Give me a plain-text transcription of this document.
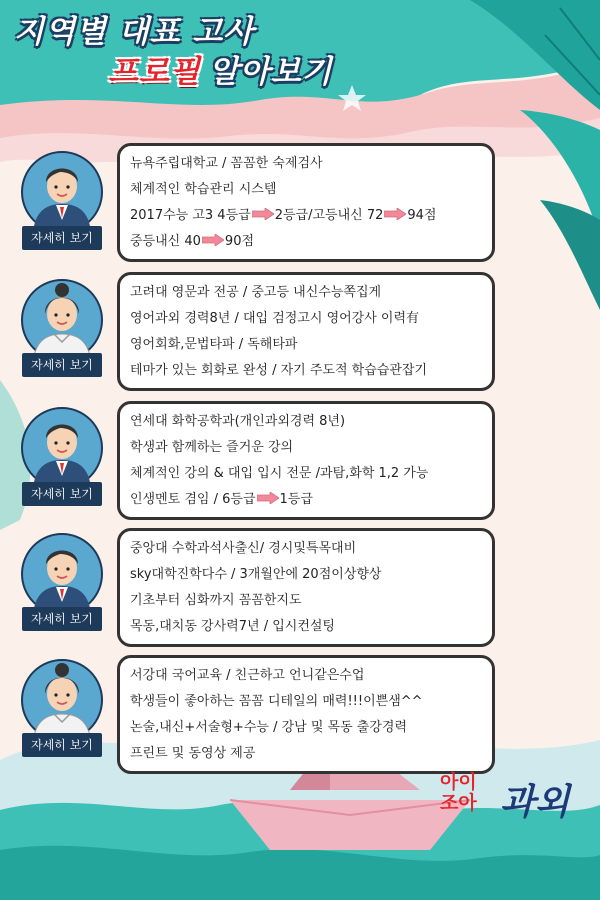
지역별 대표 고사
프로필 알아보기
자세히 보기
뉴욕주립대학교 / 꼼꼼한 숙제검사
체계적인 학습관리 시스템
2017수능 고3 4등급 2등급/고등내신 72 94점
중등내신 40 90점
자세히 보기
고려대 영문과 전공 / 중고등 내신수능쪽집게
영어과외 경력8년 / 대입 검정고시 영어강사 이력有
영어회화,문법타파 / 독해타파
테마가 있는 회화로 완성 / 자기 주도적 학습습관잡기
자세히 보기
연세대 화학공학과(개인과외경력 8년)
학생과 함께하는 즐거운 강의
체계적인 강의 & 대입 입시 전문 /과탐,화학 1,2 가능
인생멘토 겸임 / 6등급 1등급
자세히 보기
중앙대 수학과석사출신/ 경시및특목대비
sky대학진학다수 / 3개월안에 20점이상향상
기초부터 심화까지 꼼꼼한지도
목동,대치동 강사력7년 / 입시컨설팅
자세히 보기
서강대 국어교육 / 친근하고 언니같은수업
학생들이 좋아하는 꼼꼼 디테일의 매력!!!이쁜샘^^
논술,내신+서술형+수능 / 강남 및 목동 출강경력
프린트 및 동영상 제공
아이
조아 과외
